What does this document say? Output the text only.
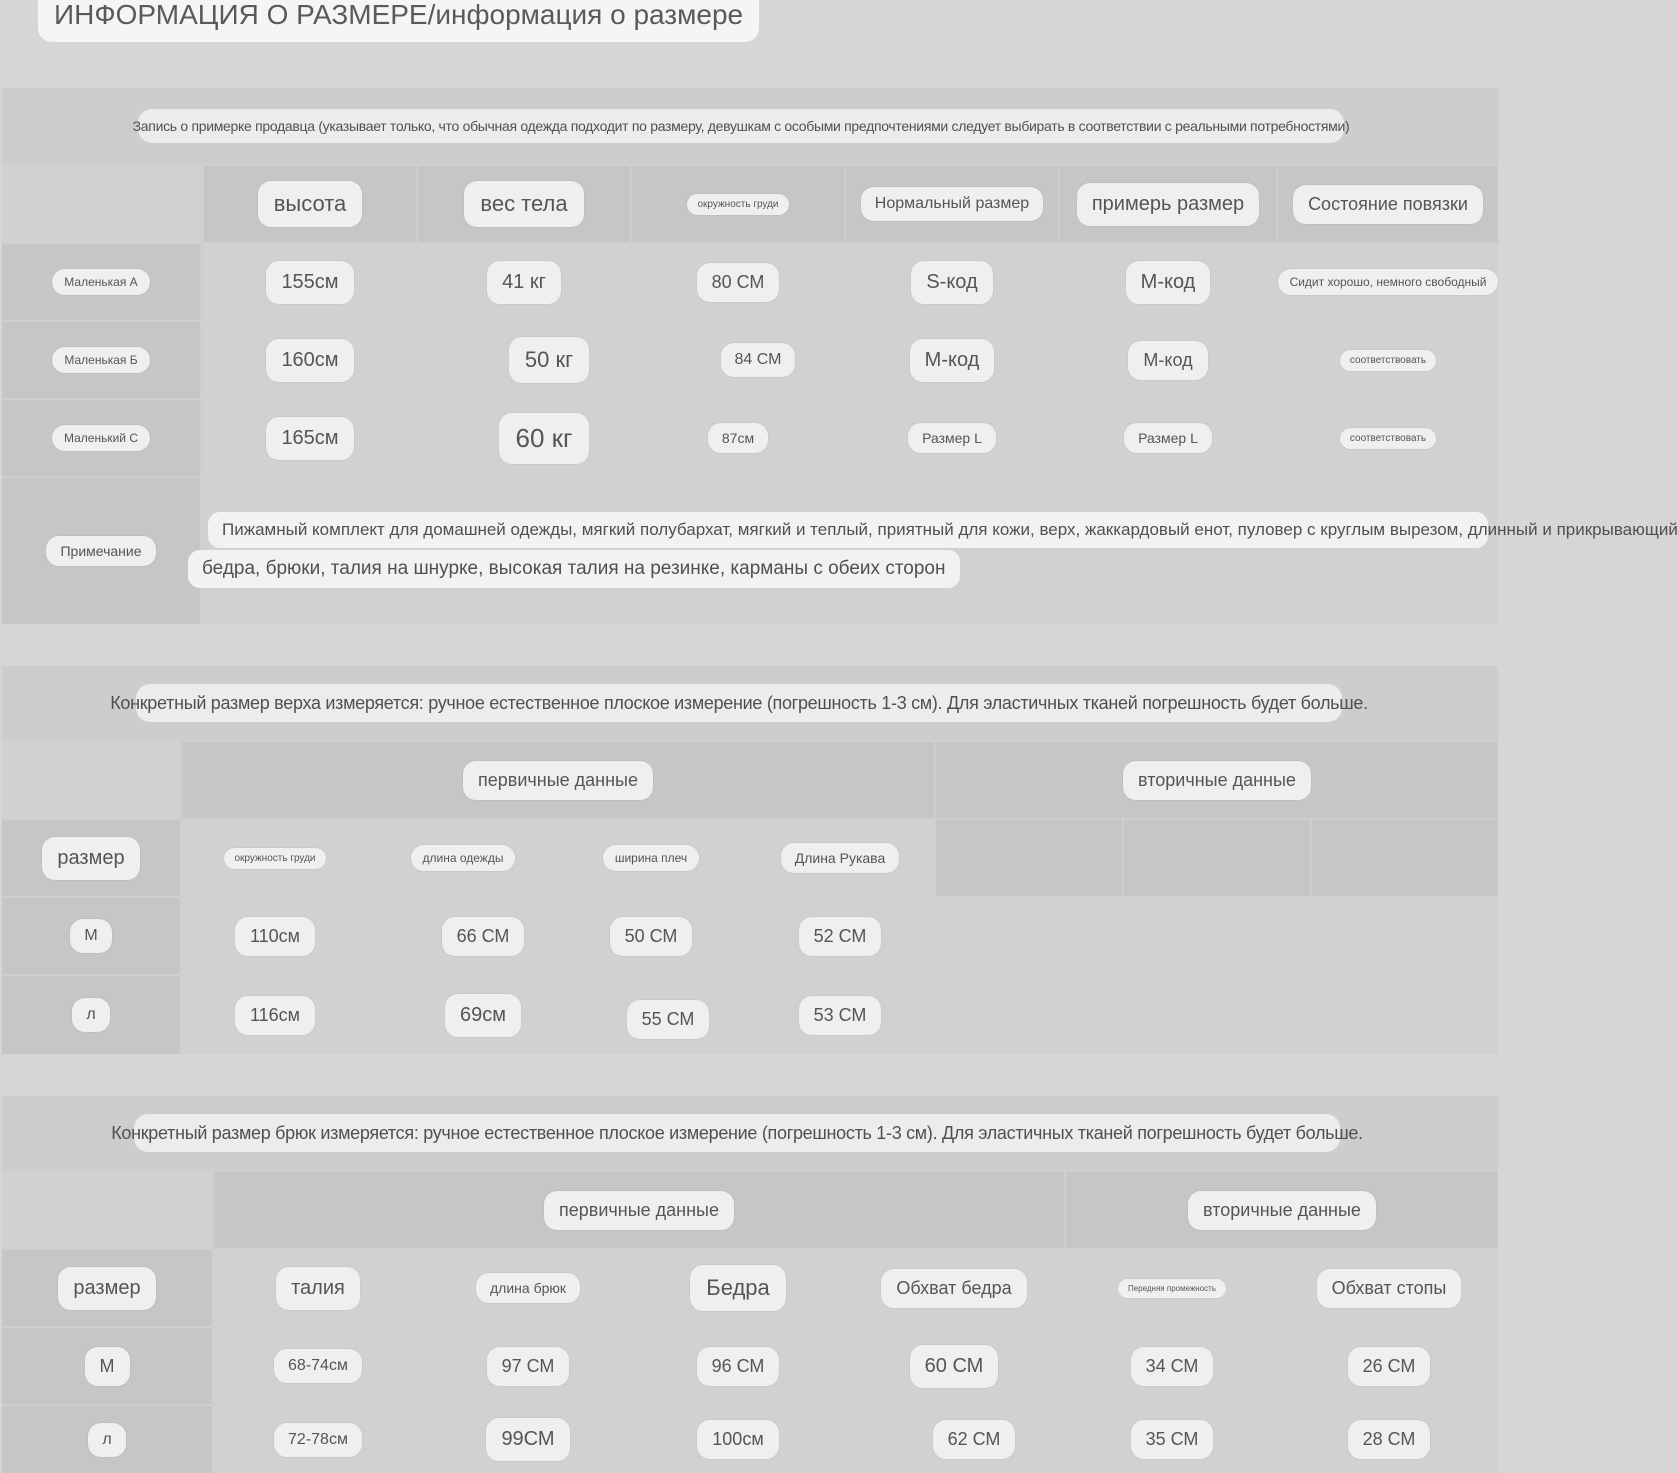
ИНФОРМАЦИЯ О РАЗМЕРЕ/информация о размере
Запись о примерке продавца (указывает только, что обычная одежда подходит по размеру, девушкам с особыми предпочтениями следует выбирать в соответствии с реальными потребностями)
высота	вес тела	окружность груди	Нормальный размер	примерь размер	Состояние повязки
Маленькая А	155см	41 кг	80 СМ	S-код	М-код	Сидит хорошо, немного свободный
Маленькая Б	160см	50 кг	84 СМ	М-код	М-код	соответствовать
Маленький С	165см	60 кг	87см	Размер L	Размер L	соответствовать
Примечание
Пижамный комплект для домашней одежды, мягкий полубархат, мягкий и теплый, приятный для кожи, верх, жаккардовый енот, пуловер с круглым вырезом, длинный и прикрывающий
бедра, брюки, талия на шнурке, высокая талия на резинке, карманы с обеих сторон
Конкретный размер верха измеряется: ручное естественное плоское измерение (погрешность 1-3 см). Для эластичных тканей погрешность будет больше.
первичные данные	вторичные данные
размер	окружность груди	длина одежды	ширина плеч	Длина Рукава
М	110см	66 СМ	50 СМ	52 СМ
л	116см	69см	55 СМ	53 СМ
Конкретный размер брюк измеряется: ручное естественное плоское измерение (погрешность 1-3 см). Для эластичных тканей погрешность будет больше.
первичные данные	вторичные данные
размер	талия	длина брюк	Бедра	Обхват бедра	Передняя промежность	Обхват стопы
М	68-74см	97 СМ	96 СМ	60 СМ	34 СМ	26 СМ
л	72-78см	99СМ	100см	62 СМ	35 СМ	28 СМ
